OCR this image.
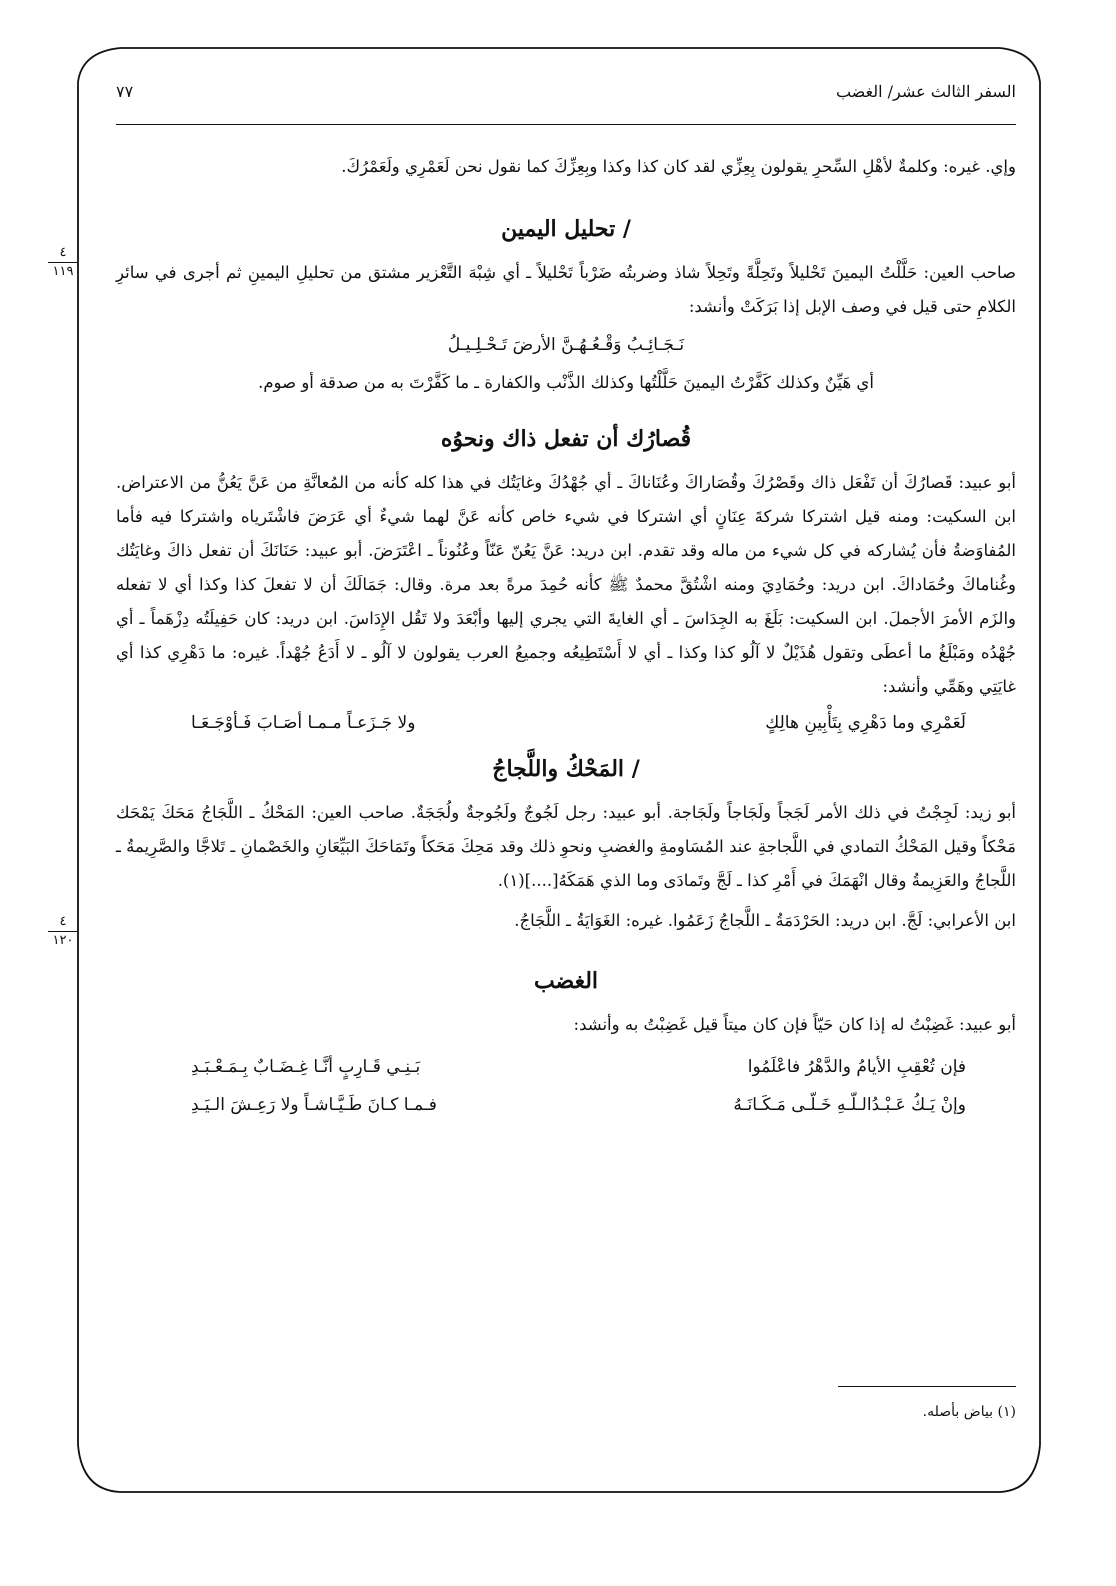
٤
١١٩
٤
١٢٠
السفر الثالث عشر/ الغضب
٧٧

وإي. غيره: وكلمةٌ لأهْلِ السِّحرِ يقولون بِعِزِّي لقد كان كذا وكذا وبِعِزِّكَ كما نقول نحن لَعَمْرِي ولَعَمْرُكَ.

/ تحليل اليمين

صاحب العين: حَلَّلْتُ اليمينَ تَحْليلاً وتَحِلَّةً وتَحِلاً شاذ وضربتُه ضَرْباً تَحْليلاً ـ أي شِبْهَ التَّعْزير مشتق من تحليلِ اليمينِ ثم أجرى في سائرِ الكلامِ حتى قيل في وصف الإبل إذا بَرَكَتْ وأنشد:

نَـجَـائِـبُ وَقْـعُـهُـنَّ الأرضَ تَـحْـلِـيـلُ

أي هَيِّنٌ وكذلك كَفَّرْتُ اليمينَ حَلَّلْتُها وكذلك الذَّنْب والكفارة ـ ما كَفَّرْتَ به من صدقة أو صوم.

قُصارُك أن تفعل ذاك ونحوُه

أبو عبيد: قَصارُكَ أن تَفْعَل ذاك وقَصْرُكَ وقُصَاراكَ وعُنَاناكَ ـ أي جُهْدُكَ وغايَتُك في هذا كله كأنه من المُعانَّةِ من عَنَّ يَعُنُّ من الاعتراض. ابن السكيت: ومنه قيل اشتركا شركةَ عِنَانٍ أي اشتركا في شيء خاص كأنه عَنَّ لهما شيءٌ أي عَرَضَ فاشْتَرياه واشتركا فيه فأما المُفاوَضةُ فأن يُشاركه في كل شيء من ماله وقد تقدم. ابن دريد: عَنَّ يَعُنّ عَنّاً وعُنُوناً ـ اعْتَرَضَ. أبو عبيد: حَنَانَكَ أن تفعل ذاكَ وغايَتُك وغُناماكَ وحُمَاداكَ. ابن دريد: وحُمَادِيَ ومنه اشْتُقَّ محمدٌ ﷺ كأنه حُمِدَ مرةً بعد مرة. وقال: جَمَالَكَ أن لا تفعلَ كذا وكذا أي لا تفعله والزَم الأمرَ الأجملَ. ابن السكيت: بَلَغَ به الجِدَاسَ ـ أي الغايةَ التي يجري إليها وأبْعَدَ ولا تَقُل الإِدَاسَ. ابن دريد: كان حَفِيلَتُه دِزْهَماً ـ أي جُهْدُه ومَبْلَغُ ما أعطَى وتقول هُذَيْلٌ لا آلُو كذا وكذا ـ أي لا أَسْتَطِيعُه وجميعُ العرب يقولون لا آلُو ـ لا أَدَعُ جُهْداً. غيره: ما دَهْرِي كذا أي غايَتِي وهَمِّي وأنشد:

لَعَمْرِي وما دَهْرِي بِتَأْبِينِ هالِكٍ
ولا جَـزَعـاً مـمـا أصَـابَ فَـأوْجَـعَـا
/ المَحْكُ واللَّجاجُ

أبو زيد: لَجِجْتُ في ذلك الأمر لَجَجاً ولَجَاجاً ولَجَاجة. أبو عبيد: رجل لَجُوجٌ ولَجُوجةٌ ولُجَجَةٌ. صاحب العين: المَحْكُ ـ اللَّجَاجُ مَحَكَ يَمْحَك مَحْكاً وقيل المَحْكُ التمادي في اللَّجاجةِ عند المُسَاومةِ والغضبِ ونحوِ ذلك وقد مَحِكَ مَحَكاً وتَمَاحَكَ البَيِّعَانِ والخَصْمانِ ـ تَلاجَّا والصَّرِيمةُ ـ اللَّجاجُ والعَزِيمةُ وقال انْهَمَكَ في أَمْرِ كذا ـ لَجَّ وتَمادَى وما الذي هَمَكَهُ[....](١).

ابن الأعرابي: لَجَّ. ابن دريد: الحَرْدَمَةُ ـ اللَّجاجُ زَعَمُوا. غيره: الغَوَايَةُ ـ اللَّجَاجُ.

الغضب

أبو عبيد: غَضِبْتُ له إذا كان حَيّاً فإن كان ميتاً قيل غَضِبْتُ به وأنشد:

فإن تُعْقِبِ الأيامُ والدَّهْرُ فاعْلَمُوا
بَـنِـي قَـارِبٍ أنَّـا غِـضَـابٌ بِـمَـعْـبَـدِ
وإنْ يَـكُ عَـبْـدُالـلّـهِ خَـلّـى مَـكَـانَـهُ
فـمـا كـانَ طَـيَّـاشـاً ولا رَعِـشَ الـيَـدِ
(١) بياض بأصله.
